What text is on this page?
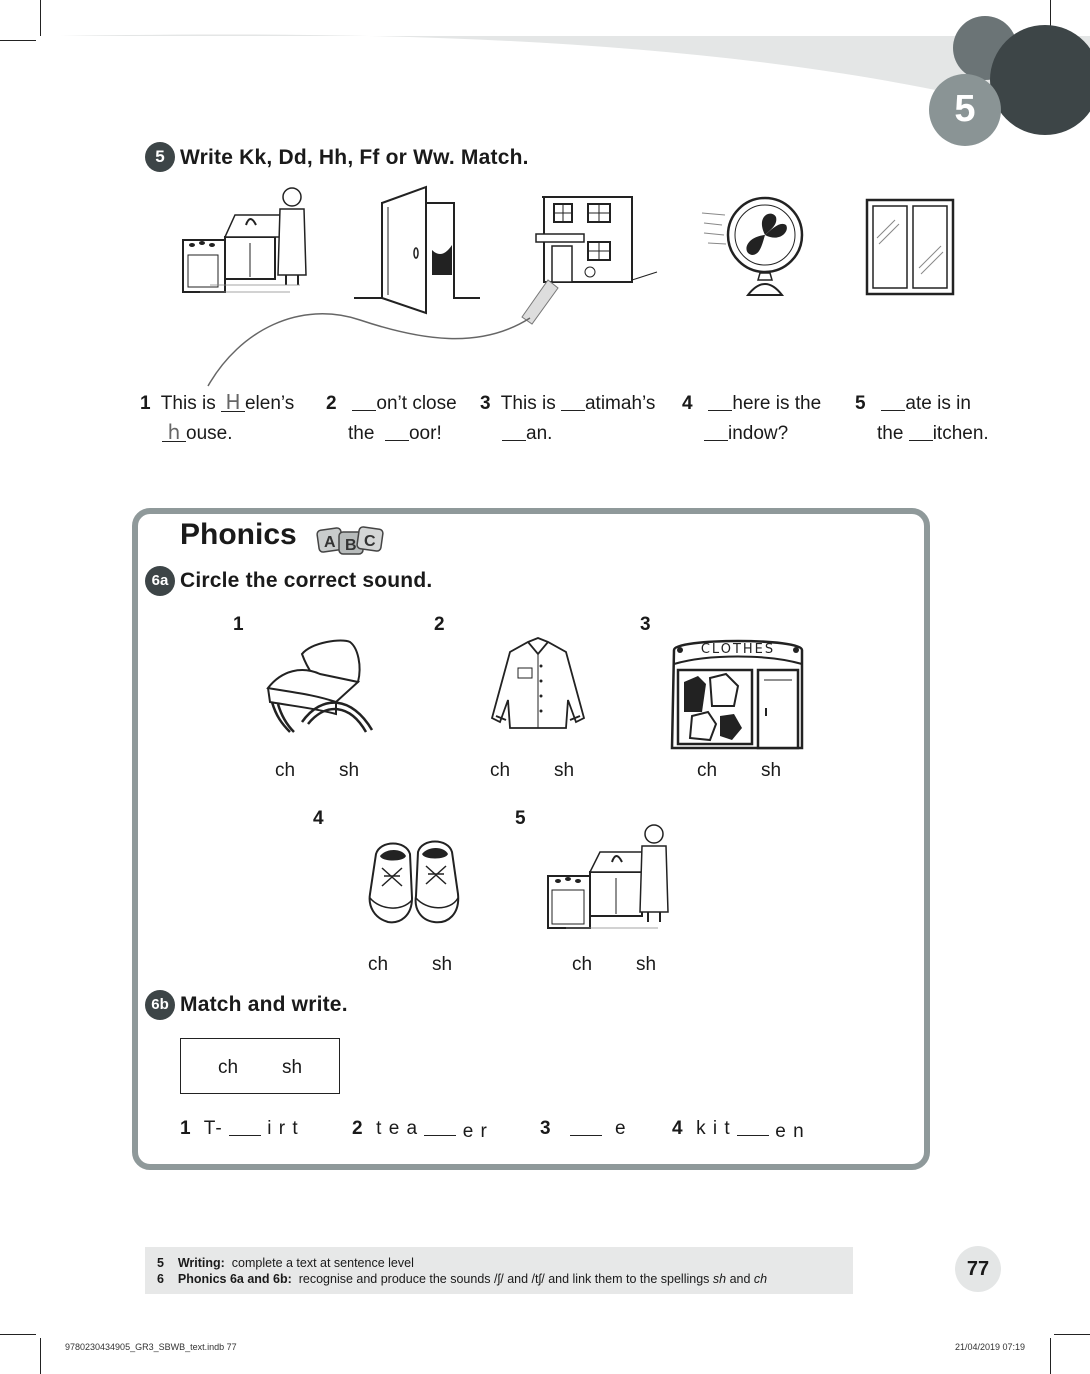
5
5 Write Kk, Dd, Hh, Ff or Ww. Match.
1 This is H elen’s
h ouse.
2 on’t close
the  oor!
3 This is atimah’s
an.
4 here is the
indow?
5 ate is in
the itchen.
Phonics A B C
6a Circle the correct sound.
1	2	3
CLOTHES
ch sh	ch sh	ch sh
4	5
ch sh	ch sh
6b Match and write.
ch sh
1 T- i r t	2 t e a e r	3	e 4 k i t e n
5 Writing: complete a text at sentence level
6 Phonics 6a and 6b: recognise and produce the sounds /ʃ/ and /tʃ/ and link them to the spellings sh and ch	77
9780230434905_GR3_SBWB_text.indb 77	21/04/2019 07:19
